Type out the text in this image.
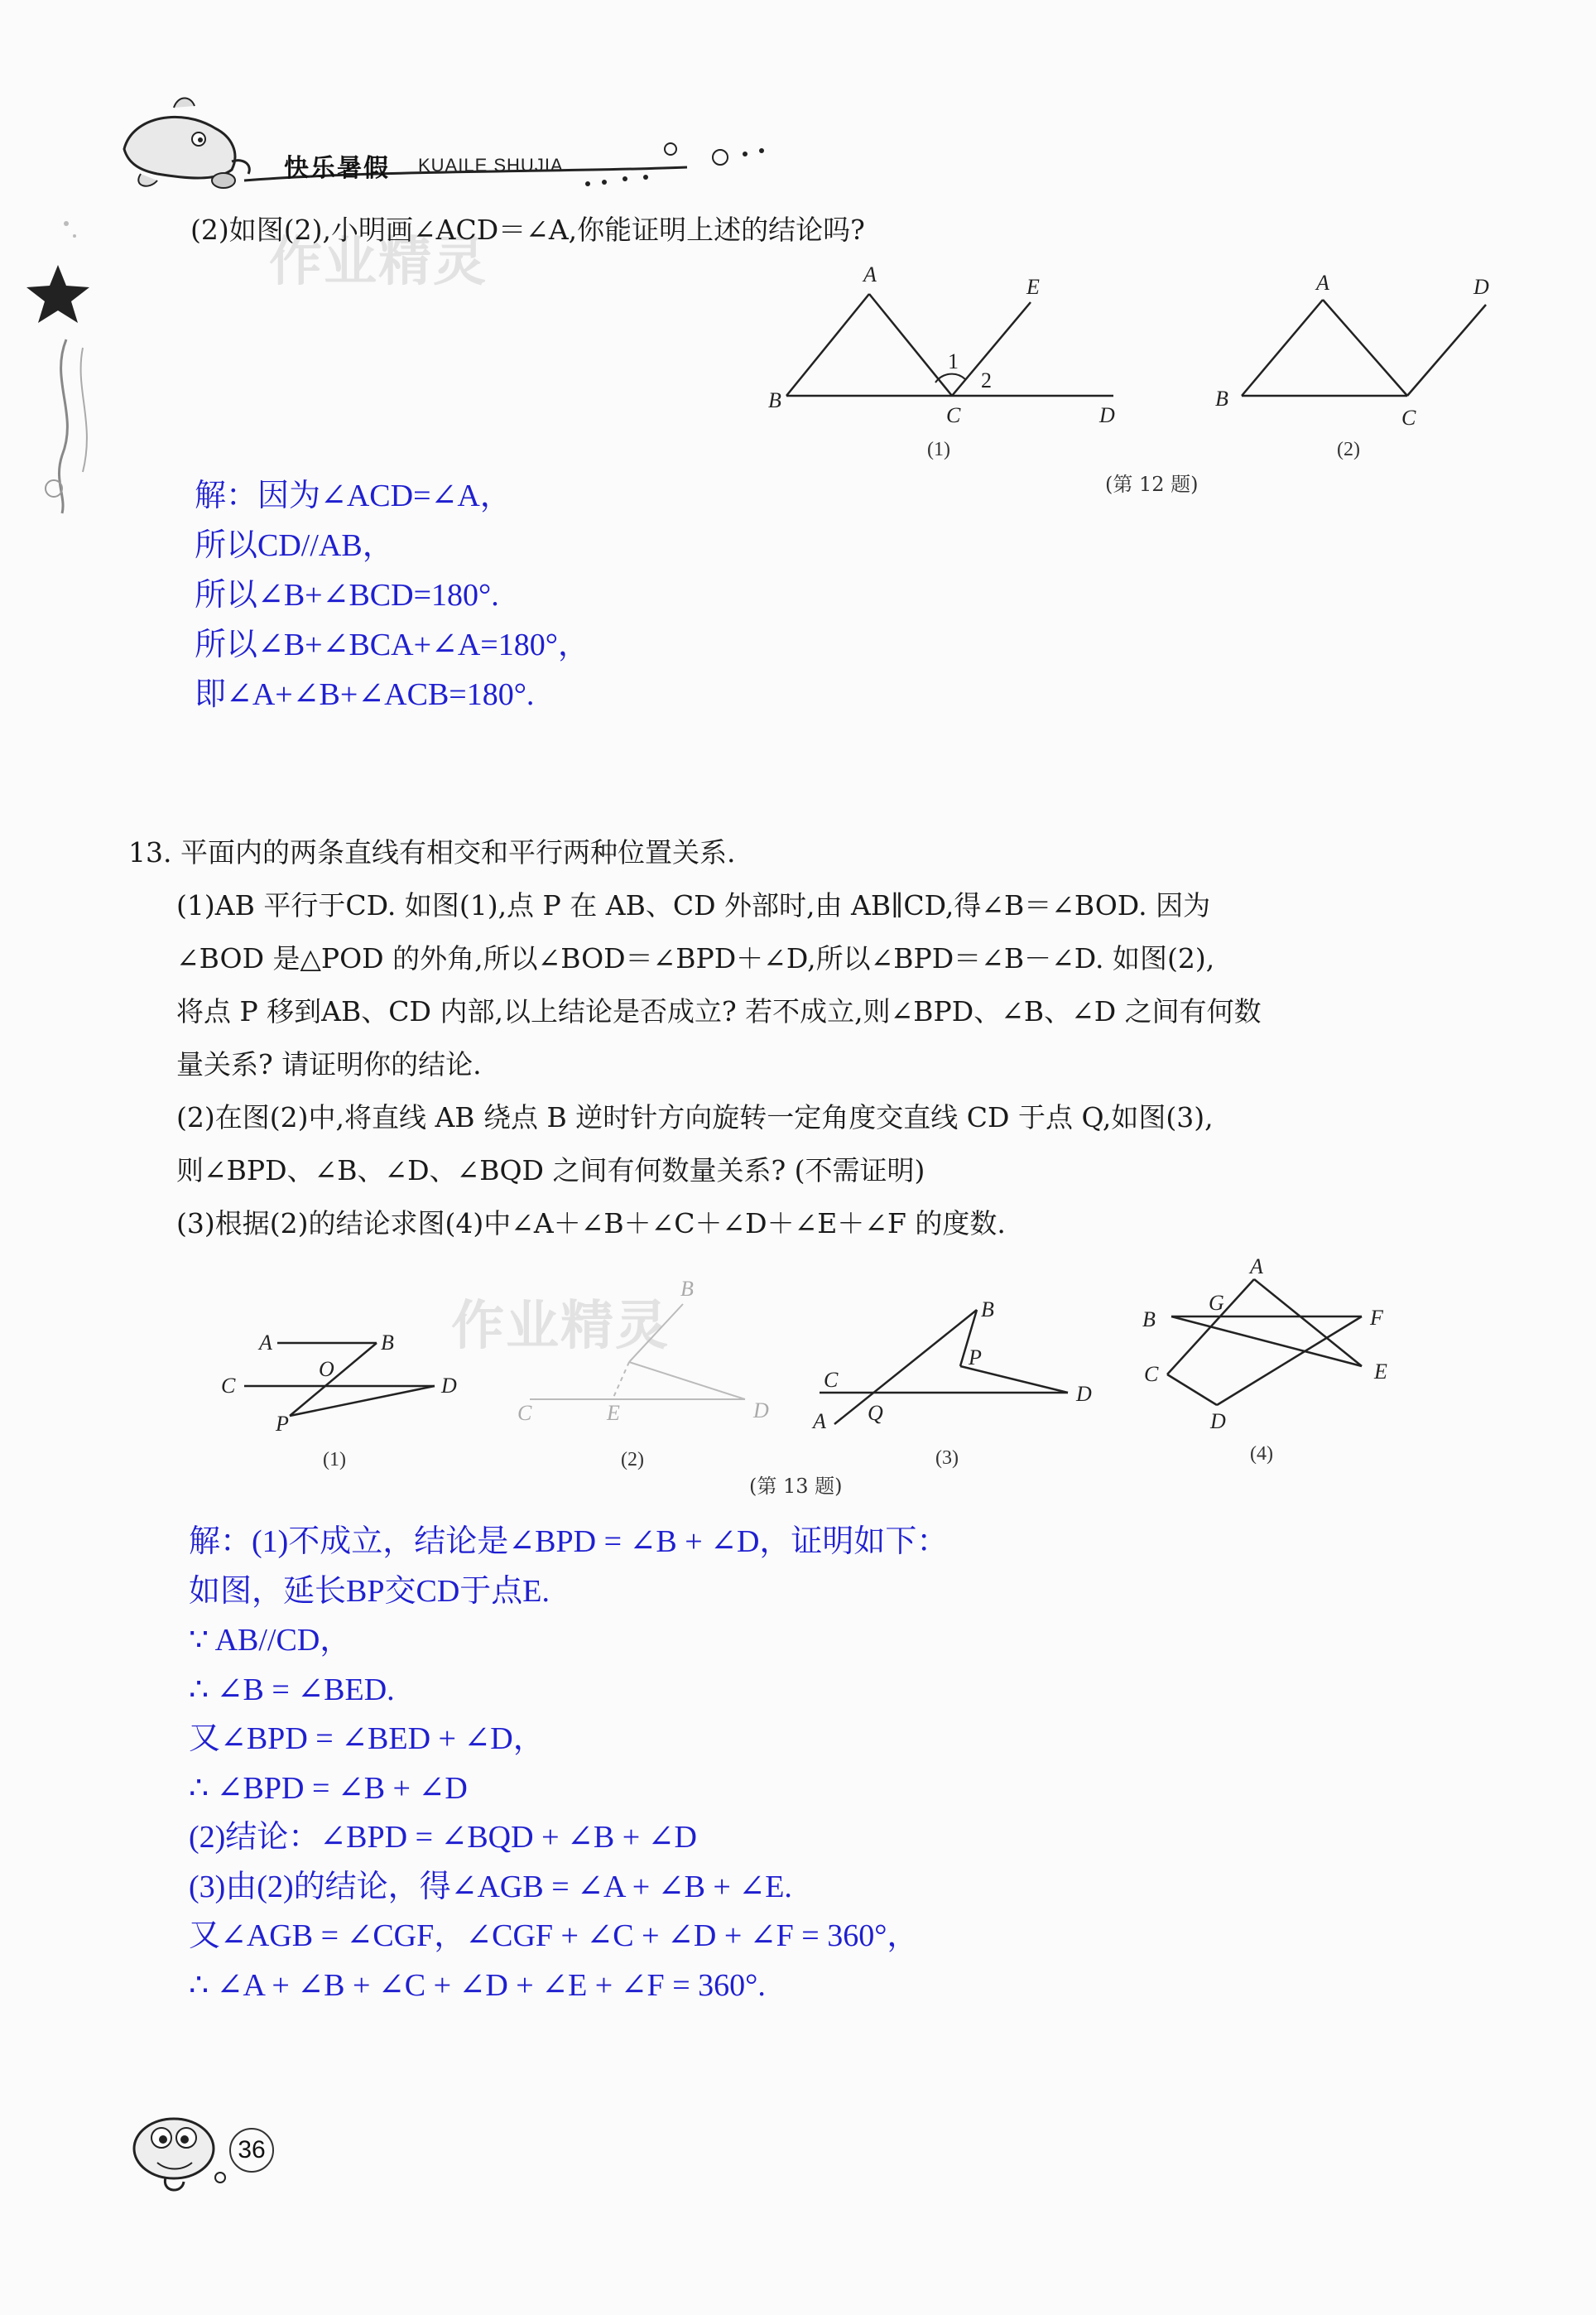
快乐暑假 KUAILE SHUJIA
作业精灵
作业精灵
(2)如图(2),小明画∠ACD＝∠A,你能证明上述的结论吗?
A
E
1
2
B
C	D
(1)
A	D
B
C
(2)
(第 12 题)
解：因为∠ACD=∠A，
所以CD//AB，
所以∠B+∠BCD=180°.
所以∠B+∠BCA+∠A=180°，
即∠A+∠B+∠ACB=180°.
13. 平面内的两条直线有相交和平行两种位置关系.
(1)AB 平行于CD. 如图(1),点 P 在 AB、CD 外部时,由 AB∥CD,得∠B＝∠BOD. 因为
∠BOD 是△POD 的外角,所以∠BOD＝∠BPD＋∠D,所以∠BPD＝∠B－∠D. 如图(2),
将点 P 移到AB、CD 内部,以上结论是否成立? 若不成立,则∠BPD、∠B、∠D 之间有何数
量关系? 请证明你的结论.
(2)在图(2)中,将直线 AB 绕点 B 逆时针方向旋转一定角度交直线 CD 于点 Q,如图(3),
则∠BPD、∠B、∠D、∠BQD 之间有何数量关系? (不需证明)
(3)根据(2)的结论求图(4)中∠A＋∠B＋∠C＋∠D＋∠E＋∠F 的度数.
A	B
O
C	D
P
(1)
B
C	E	D
(2)
B
P
C
D
A Q
(3)
A
B
G
F
C	E
D
(4)
(第 13 题)
解：(1)不成立，结论是∠BPD = ∠B + ∠D，证明如下：
如图，延长BP交CD于点E.
∵ AB//CD，
∴ ∠B = ∠BED.
又∠BPD = ∠BED + ∠D，
∴ ∠BPD = ∠B + ∠D
(2)结论：∠BPD = ∠BQD + ∠B + ∠D
(3)由(2)的结论，得∠AGB = ∠A + ∠B + ∠E.
又∠AGB = ∠CGF，∠CGF + ∠C + ∠D + ∠F = 360°，
∴ ∠A + ∠B + ∠C + ∠D + ∠E + ∠F = 360°.
36
